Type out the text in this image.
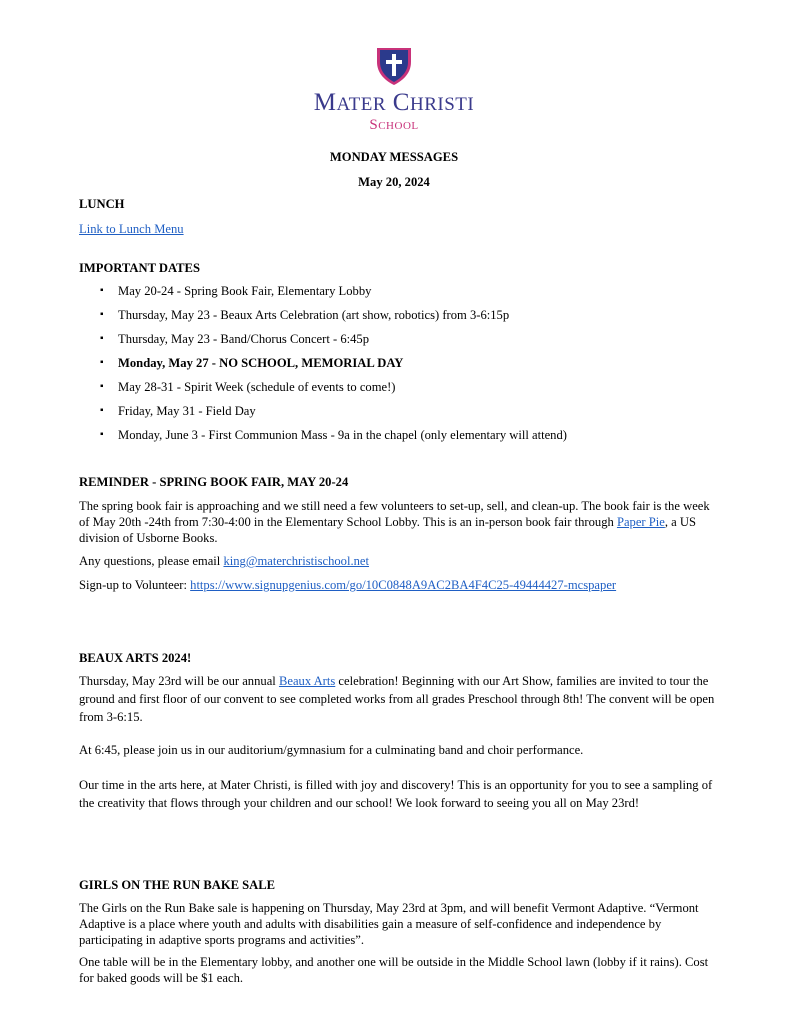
MATER CHRISTI
SCHOOL
MONDAY MESSAGES
May 20, 2024
LUNCH
Link to Lunch Menu
IMPORTANT DATES
▪ May 20-24 - Spring Book Fair, Elementary Lobby
▪ Thursday, May 23 - Beaux Arts Celebration (art show, robotics) from 3-6:15p
▪ Thursday, May 23 - Band/Chorus Concert - 6:45p
▪ Monday, May 27 - NO SCHOOL, MEMORIAL DAY
▪ May 28-31 - Spirit Week (schedule of events to come!)
▪ Friday, May 31 - Field Day
▪ Monday, June 3 - First Communion Mass - 9a in the chapel (only elementary will attend)
REMINDER - SPRING BOOK FAIR, MAY 20-24

The spring book fair is approaching and we still need a few volunteers to set-up, sell, and clean-up. The book fair is the week of May 20th -24th from 7:30-4:00 in the Elementary School Lobby. This is an in-person book fair through Paper Pie, a US division of Usborne Books.

Any questions, please email king@materchristischool.net

Sign-up to Volunteer: https://www.signupgenius.com/go/10C0848A9AC2BA4F4C25-49444427-mcspaper

BEAUX ARTS 2024!

Thursday, May 23rd will be our annual Beaux Arts celebration! Beginning with our Art Show, families are invited to tour the ground and first floor of our convent to see completed works from all grades Preschool through 8th! The convent will be open from 3-6:15.

At 6:45, please join us in our auditorium/gymnasium for a culminating band and choir performance.

Our time in the arts here, at Mater Christi, is filled with joy and discovery! This is an opportunity for you to see a sampling of the creativity that flows through your children and our school! We look forward to seeing you all on May 23rd!

GIRLS ON THE RUN BAKE SALE

The Girls on the Run Bake sale is happening on Thursday, May 23rd at 3pm, and will benefit Vermont Adaptive. “Vermont Adaptive is a place where youth and adults with disabilities gain a measure of self-confidence and independence by participating in adaptive sports programs and activities”.

One table will be in the Elementary lobby, and another one will be outside in the Middle School lawn (lobby if it rains). Cost for baked goods will be $1 each.
